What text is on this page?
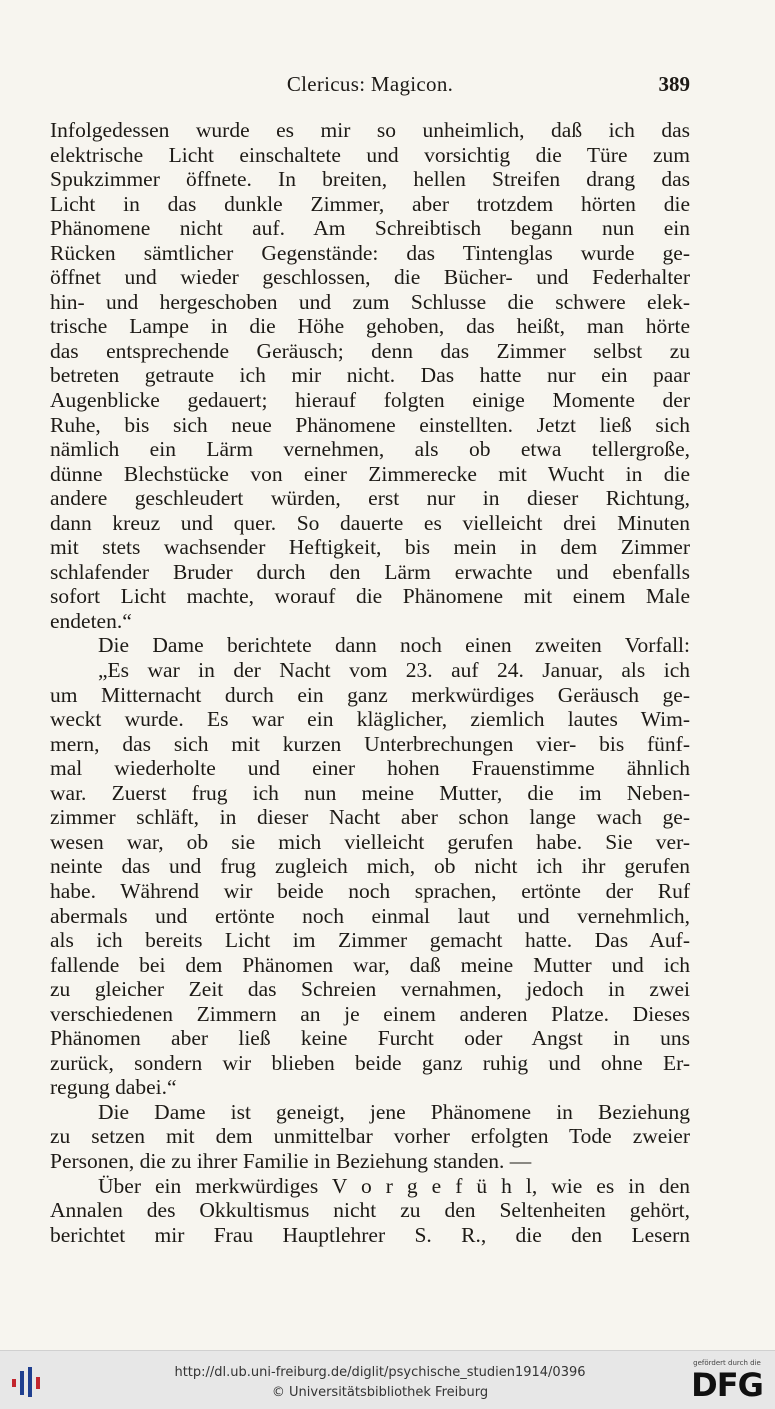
Clericus: Magicon.	389
Infolgedessen wurde es mir so unheimlich, daß ich das
elektrische Licht einschaltete und vorsichtig die Türe zum
Spukzimmer öffnete. In breiten, hellen Streifen drang das
Licht in das dunkle Zimmer, aber trotzdem hörten die
Phänomene nicht auf. Am Schreibtisch begann nun ein
Rücken sämtlicher Gegenstände: das Tintenglas wurde ge-
öffnet und wieder geschlossen, die Bücher- und Federhalter
hin- und hergeschoben und zum Schlusse die schwere elek-
trische Lampe in die Höhe gehoben, das heißt, man hörte
das entsprechende Geräusch; denn das Zimmer selbst zu
betreten getraute ich mir nicht. Das hatte nur ein paar
Augenblicke gedauert; hierauf folgten einige Momente der
Ruhe, bis sich neue Phänomene einstellten. Jetzt ließ sich
nämlich ein Lärm vernehmen, als ob etwa tellergroße,
dünne Blechstücke von einer Zimmerecke mit Wucht in die
andere geschleudert würden, erst nur in dieser Richtung,
dann kreuz und quer. So dauerte es vielleicht drei Minuten
mit stets wachsender Heftigkeit, bis mein in dem Zimmer
schlafender Bruder durch den Lärm erwachte und ebenfalls
sofort Licht machte, worauf die Phänomene mit einem Male
endeten.“
Die Dame berichtete dann noch einen zweiten Vorfall:
„Es war in der Nacht vom 23. auf 24. Januar, als ich
um Mitternacht durch ein ganz merkwürdiges Geräusch ge-
weckt wurde. Es war ein kläglicher, ziemlich lautes Wim-
mern, das sich mit kurzen Unterbrechungen vier- bis fünf-
mal wiederholte und einer hohen Frauenstimme ähnlich
war. Zuerst frug ich nun meine Mutter, die im Neben-
zimmer schläft, in dieser Nacht aber schon lange wach ge-
wesen war, ob sie mich vielleicht gerufen habe. Sie ver-
neinte das und frug zugleich mich, ob nicht ich ihr gerufen
habe. Während wir beide noch sprachen, ertönte der Ruf
abermals und ertönte noch einmal laut und vernehmlich,
als ich bereits Licht im Zimmer gemacht hatte. Das Auf-
fallende bei dem Phänomen war, daß meine Mutter und ich
zu gleicher Zeit das Schreien vernahmen, jedoch in zwei
verschiedenen Zimmern an je einem anderen Platze. Dieses
Phänomen aber ließ keine Furcht oder Angst in uns
zurück, sondern wir blieben beide ganz ruhig und ohne Er-
regung dabei.“
Die Dame ist geneigt, jene Phänomene in Beziehung
zu setzen mit dem unmittelbar vorher erfolgten Tode zweier
Personen, die zu ihrer Familie in Beziehung standen. —
Über ein merkwürdiges V o r g e f ü h l, wie es in den
Annalen des Okkultismus nicht zu den Seltenheiten gehört,
berichtet mir Frau Hauptlehrer S. R., die den Lesern
http://dl.ub.uni-freiburg.de/diglit/psychische_studien1914/0396
© Universitätsbibliothek Freiburg
gefördert durch die
DFG
